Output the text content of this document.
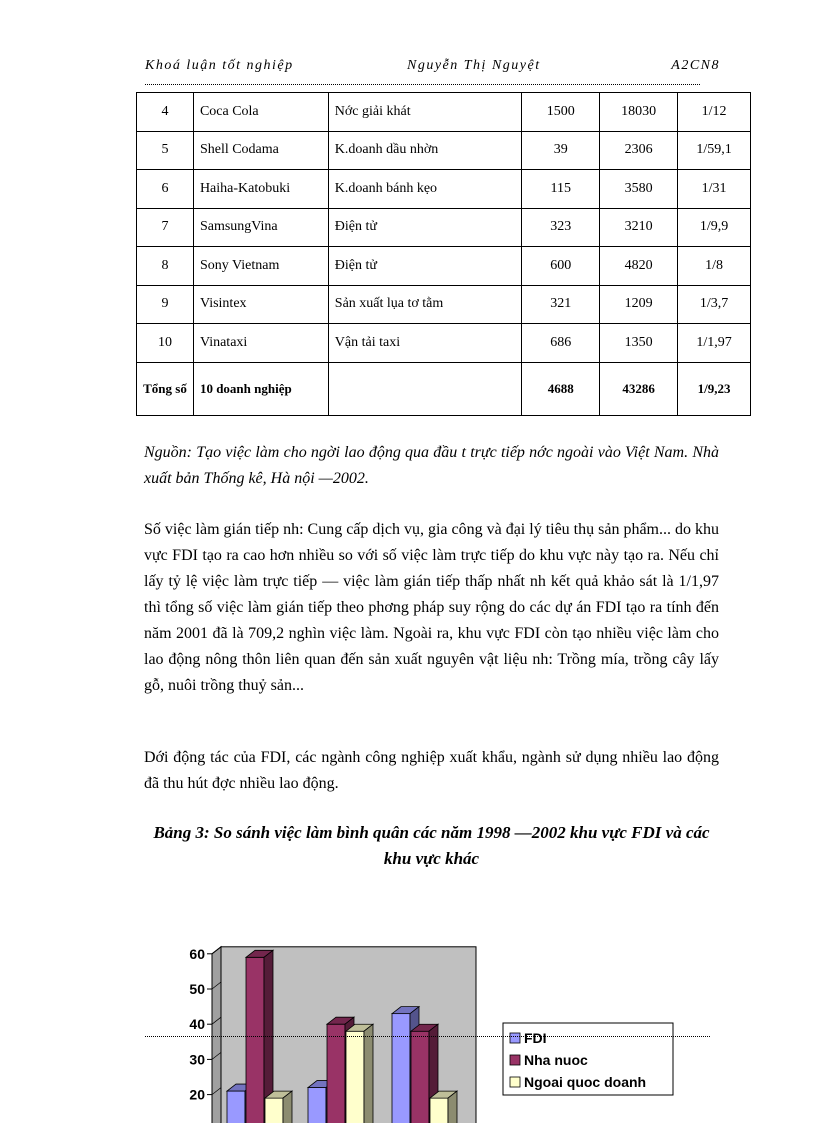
Khoá luận tốt nghiệp	Nguyễn Thị Nguyệt	A2CN8
4	Coca Cola	Nớc giải khát	1500	18030	1/12
5	Shell Codama	K.doanh dầu nhờn	39	2306	1/59,1
6	Haiha-Katobuki	K.doanh bánh kẹo	115	3580	1/31
7	SamsungVina	Điện tử	323	3210	1/9,9
8	Sony Vietnam	Điện tử	600	4820	1/8
9	Visintex	Sản xuất lụa tơ tằm	321	1209	1/3,7
10	Vinataxi	Vận tải taxi	686	1350	1/1,97
Tổng số	10 doanh nghiệp		4688	43286	1/9,23
Nguồn: Tạo việc làm cho ngời lao động qua đầu t trực tiếp nớc ngoài vào Việt Nam. Nhà xuất bản Thống kê, Hà nội —2002.
Số việc làm gián tiếp nh: Cung cấp dịch vụ, gia công và đại lý tiêu thụ sản phẩm... do khu vực FDI tạo ra cao hơn nhiều so với số việc làm trực tiếp do khu vực này tạo ra. Nếu chỉ lấy tỷ lệ việc làm trực tiếp — việc làm gián tiếp thấp nhất nh kết quả khảo sát là 1/1,97 thì tổng số việc làm gián tiếp theo phơng pháp suy rộng do các dự án FDI tạo ra tính đến năm 2001 đã là 709,2 nghìn việc làm. Ngoài ra, khu vực FDI còn tạo nhiều việc làm cho lao động nông thôn liên quan đến sản xuất nguyên vật liệu nh: Trồng mía, trồng cây lấy gỗ, nuôi trồng thuỷ sản...
Dới động tác của FDI, các ngành công nghiệp xuất khẩu, ngành sử dụng nhiều lao động đã thu hút đợc nhiều lao động.
Bảng 3: So sánh việc làm bình quân các năm 1998 —2002 khu vực FDI và các khu vực khác
20
30
40
50
60
FDI
Nha nuoc
Ngoai quoc doanh
